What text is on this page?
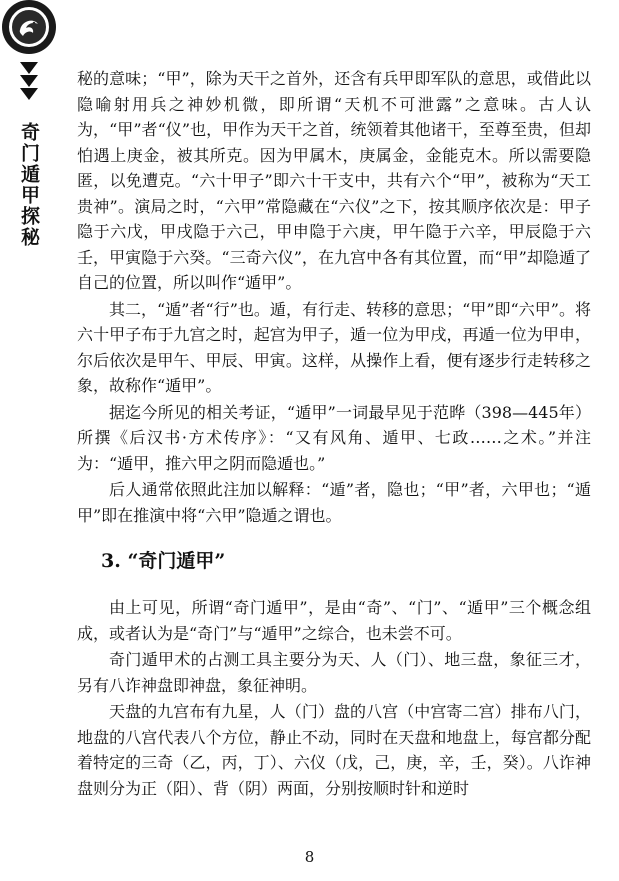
奇门遁甲探秘

秘的意味；“甲”，除为天干之首外，还含有兵甲即军队的意思，或借此以隐喻射用兵之神妙机微，即所谓“天机不可泄露”之意味。古人认为，“甲”者“仪”也，甲作为天干之首，统领着其他诸干，至尊至贵，但却怕遇上庚金，被其所克。因为甲属木，庚属金，金能克木。所以需要隐匿，以免遭克。“六十甲子”即六十干支中，共有六个“甲”，被称为“天工贵神”。演局之时，“六甲”常隐藏在“六仪”之下，按其顺序依次是：甲子隐于六戊，甲戌隐于六己，甲申隐于六庚，甲午隐于六辛，甲辰隐于六壬，甲寅隐于六癸。“三奇六仪”，在九宫中各有其位置，而“甲”却隐遁了自己的位置，所以叫作“遁甲”。

其二，“遁”者“行”也。遁，有行走、转移的意思；“甲”即“六甲”。将六十甲子布于九宫之时，起宫为甲子，遁一位为甲戌，再遁一位为甲申，尔后依次是甲午、甲辰、甲寅。这样，从操作上看，便有逐步行走转移之象，故称作“遁甲”。

据迄今所见的相关考证，“遁甲”一词最早见于范晔（398—445年）所撰《后汉书·方术传序》：“又有风角、遁甲、七政……之术。”并注为：“遁甲，推六甲之阴而隐遁也。”

后人通常依照此注加以解释：“遁”者，隐也；“甲”者，六甲也；“遁甲”即在推演中将“六甲”隐遁之谓也。

3. “奇门遁甲”

由上可见，所谓“奇门遁甲”，是由“奇”、“门”、“遁甲”三个概念组成，或者认为是“奇门”与“遁甲”之综合，也未尝不可。

奇门遁甲术的占测工具主要分为天、人（门）、地三盘，象征三才，另有八诈神盘即神盘，象征神明。

天盘的九宫布有九星，人（门）盘的八宫（中宫寄二宫）排布八门，地盘的八宫代表八个方位，静止不动，同时在天盘和地盘上，每宫都分配着特定的三奇（乙，丙，丁）、六仪（戊，己，庚，辛，壬，癸）。八诈神盘则分为正（阳）、背（阴）两面，分别按顺时针和逆时

8
